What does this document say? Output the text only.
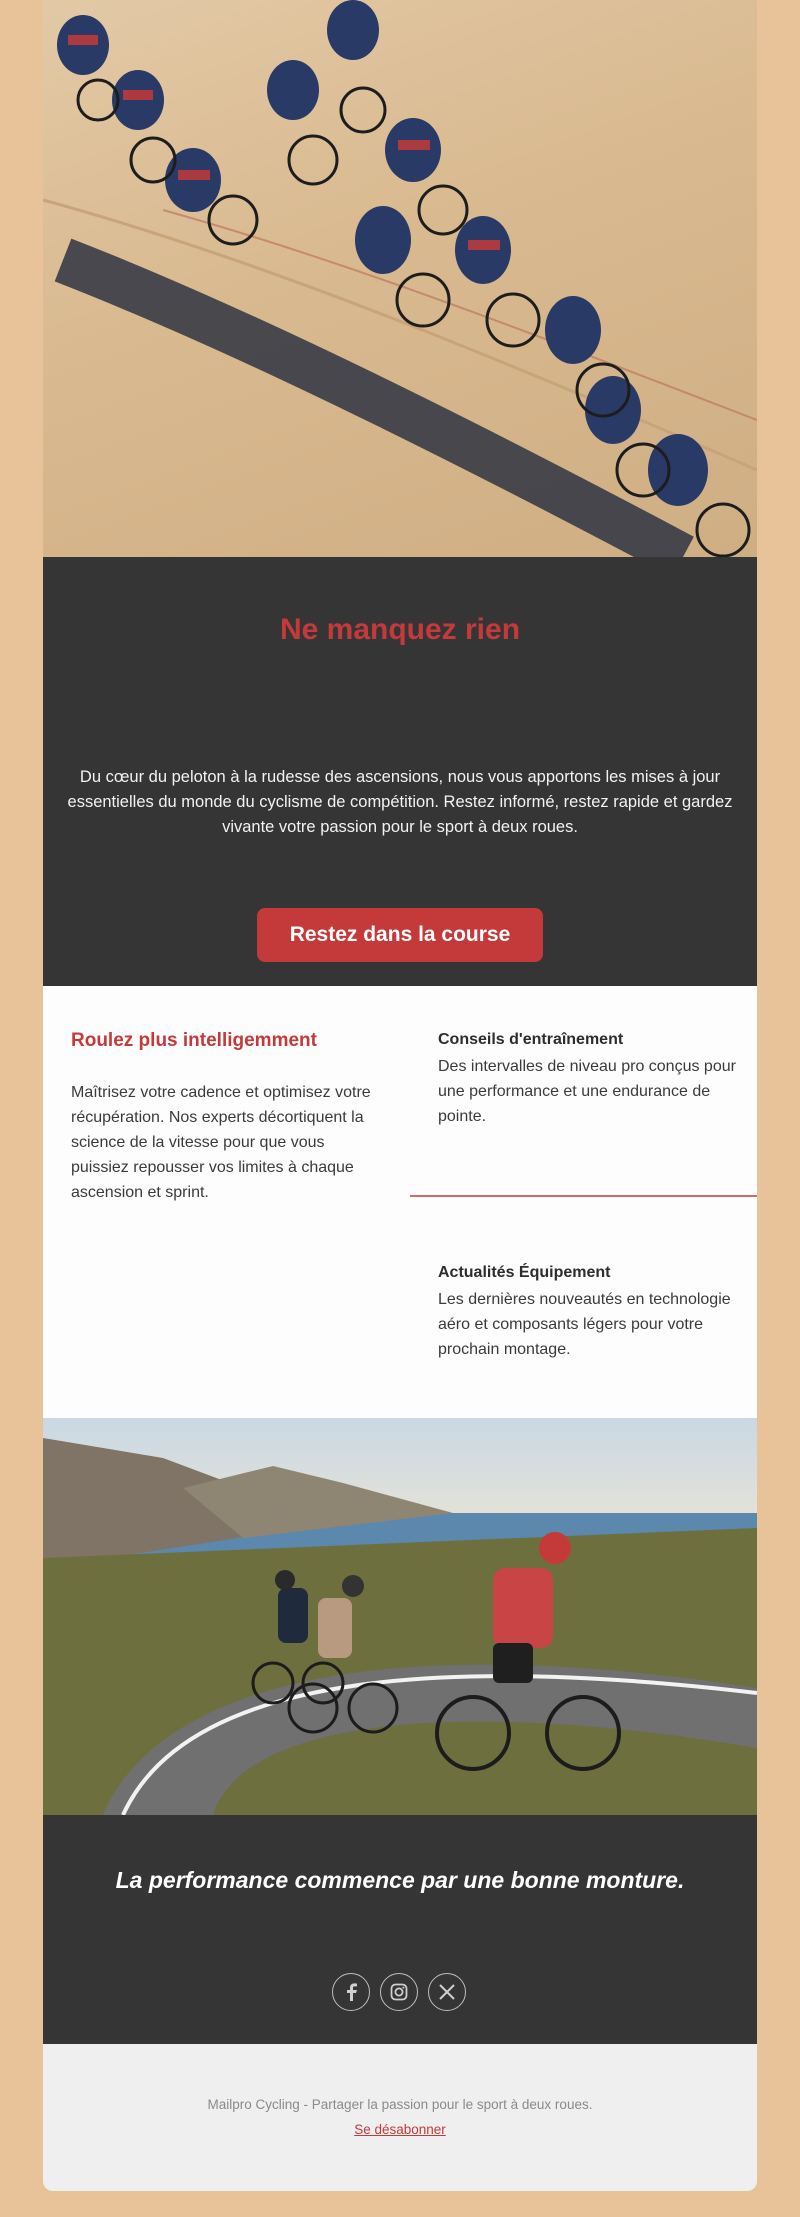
Ne manquez rien
Du cœur du peloton à la rudesse des ascensions, nous vous apportons les mises à jour essentielles du monde du cyclisme de compétition. Restez informé, restez rapide et gardez vivante votre passion pour le sport à deux roues.
Restez dans la course
Roulez plus intelligemment
Maîtrisez votre cadence et optimisez votre récupération. Nos experts décortiquent la science de la vitesse pour que vous puissiez repousser vos limites à chaque ascension et sprint.
Conseils d'entraînement
Des intervalles de niveau pro conçus pour une performance et une endurance de pointe.
Actualités Équipement
Les dernières nouveautés en technologie aéro et composants légers pour votre prochain montage.
La performance commence par une bonne monture.
Mailpro Cycling - Partager la passion pour le sport à deux roues.
Se désabonner
